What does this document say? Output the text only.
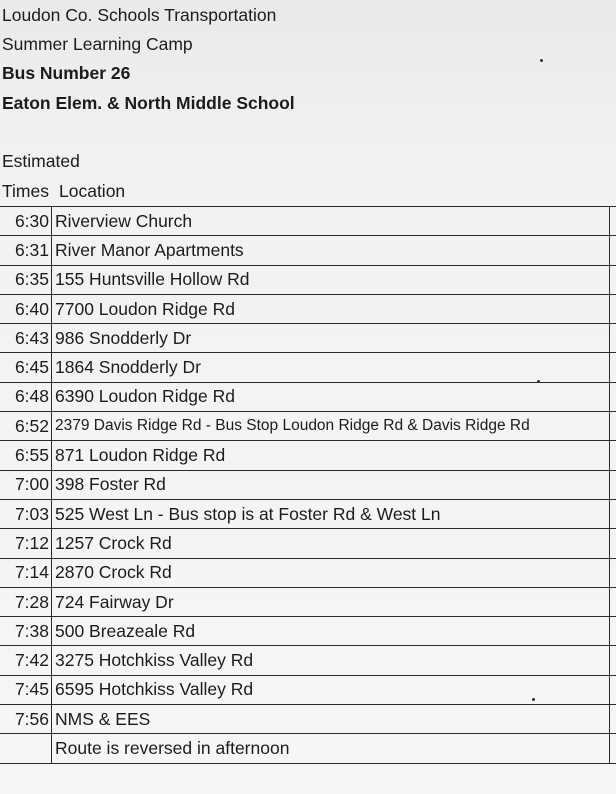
Loudon Co. Schools Transportation
Summer Learning Camp
Bus Number 26
Eaton Elem. & North Middle School
Estimated
Times Location
6:30	Riverview Church	
6:31	River Manor Apartments	
6:35	155 Huntsville Hollow Rd	
6:40	7700 Loudon Ridge Rd	
6:43	986 Snodderly Dr	
6:45	1864 Snodderly Dr	
6:48	6390 Loudon Ridge Rd	
6:52	2379 Davis Ridge Rd - Bus Stop Loudon Ridge Rd & Davis Ridge Rd	
6:55	871 Loudon Ridge Rd	
7:00	398 Foster Rd	
7:03	525 West Ln - Bus stop is at Foster Rd & West Ln	
7:12	1257 Crock Rd	
7:14	2870 Crock Rd	
7:28	724 Fairway Dr	
7:38	500 Breazeale Rd	
7:42	3275 Hotchkiss Valley Rd	
7:45	6595 Hotchkiss Valley Rd	
7:56	NMS & EES	
	Route is reversed in afternoon	
